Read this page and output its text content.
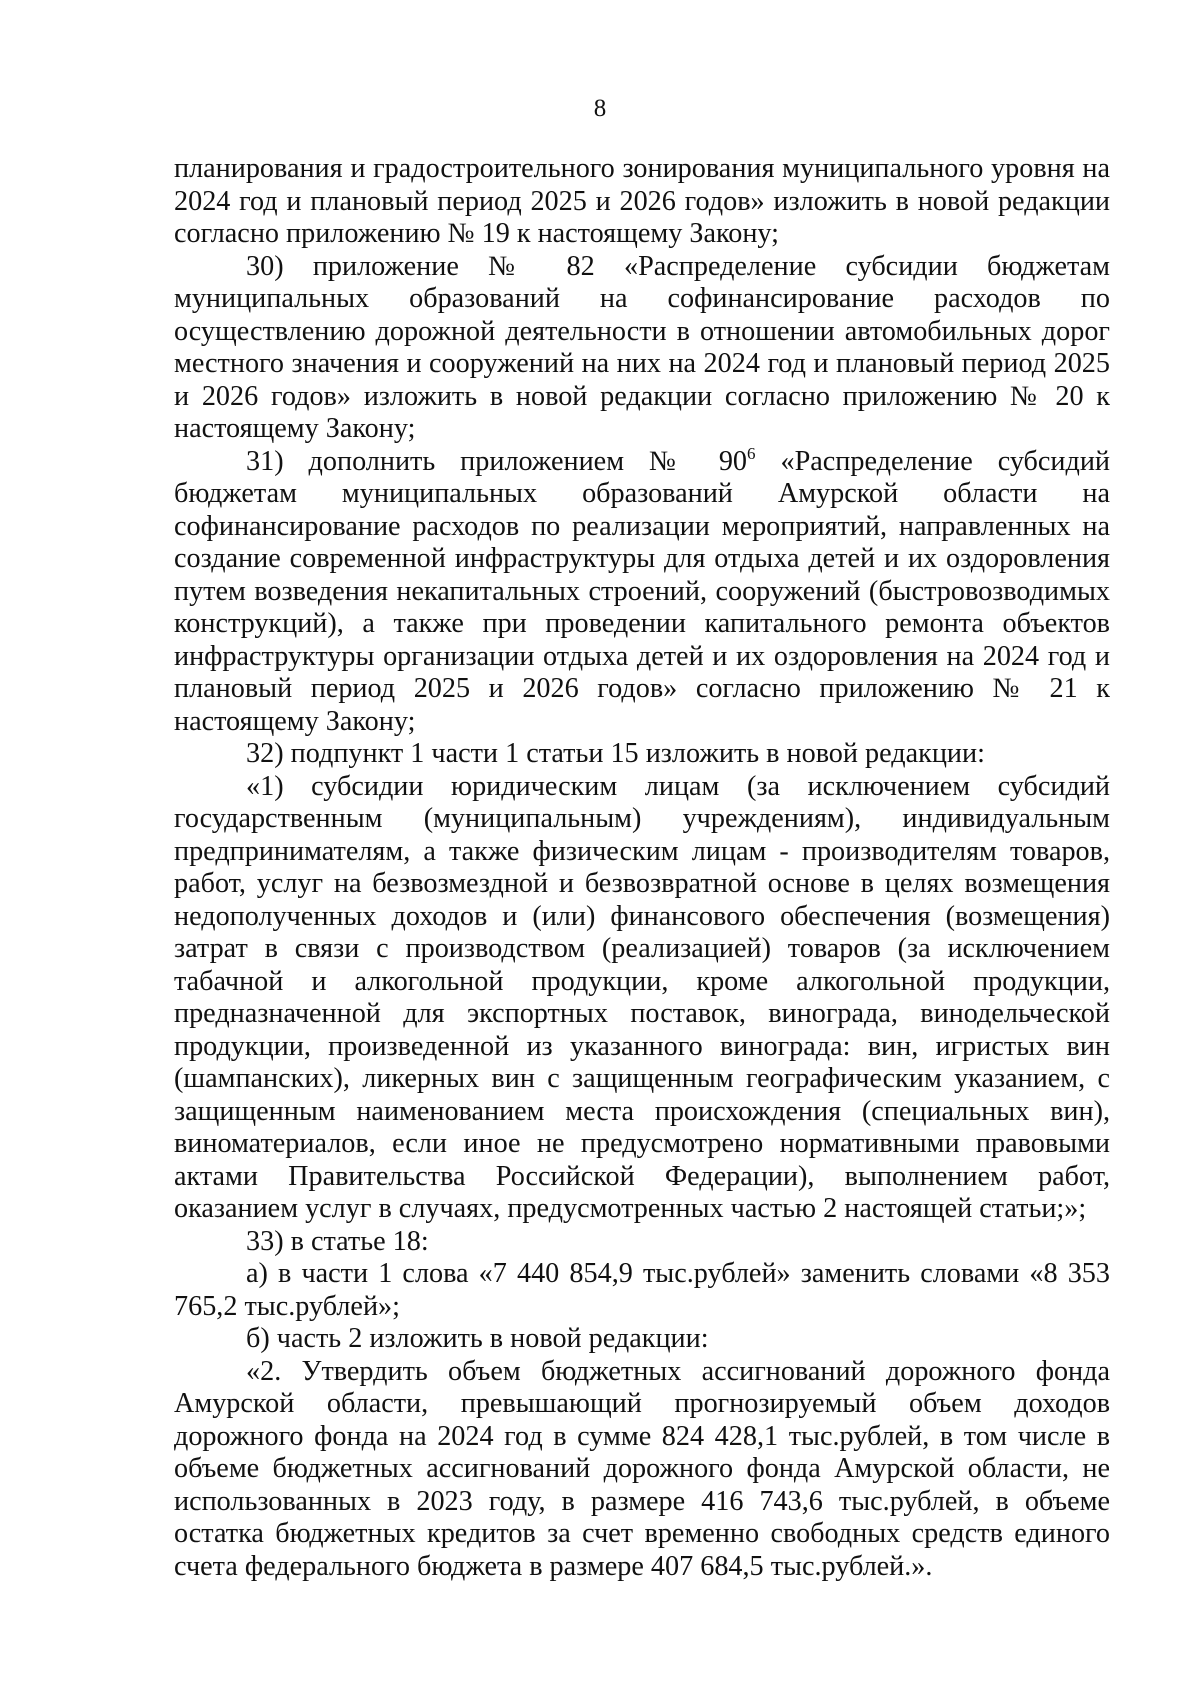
8

планирования и градостроительного зонирования муниципального уровня на 2024 год и плановый период 2025 и 2026 годов» изложить в новой редакции согласно приложению № 19 к настоящему Закону;

30) приложение № 82 «Распределение субсидии бюджетам муниципальных образований на софинансирование расходов по осуществлению дорожной деятельности в отношении автомобильных дорог местного значения и сооружений на них на 2024 год и плановый период 2025 и 2026 годов» изложить в новой редакции согласно приложению № 20 к настоящему Закону;

31) дополнить приложением № $90^6$ «Распределение субсидий бюджетам муниципальных образований Амурской области на софинансирование расходов по реализации мероприятий, направленных на создание современной инфраструктуры для отдыха детей и их оздоровления путем возведения некапитальных строений, сооружений (быстровозводимых конструкций), а также при проведении капитального ремонта объектов инфраструктуры организации отдыха детей и их оздоровления на 2024 год и плановый период 2025 и 2026 годов» согласно приложению № 21 к настоящему Закону;

32) подпункт 1 части 1 статьи 15 изложить в новой редакции:

«1) субсидии юридическим лицам (за исключением субсидий государственным (муниципальным) учреждениям), индивидуальным предпринимателям, а также физическим лицам - производителям товаров, работ, услуг на безвозмездной и безвозвратной основе в целях возмещения недополученных доходов и (или) финансового обеспечения (возмещения) затрат в связи с производством (реализацией) товаров (за исключением табачной и алкогольной продукции, кроме алкогольной продукции, предназначенной для экспортных поставок, винограда, винодельческой продукции, произведенной из указанного винограда: вин, игристых вин (шампанских), ликерных вин с защищенным географическим указанием, с защищенным наименованием места происхождения (специальных вин), виноматериалов, если иное не предусмотрено нормативными правовыми актами Правительства Российской Федерации), выполнением работ, оказанием услуг в случаях, предусмотренных частью 2 настоящей статьи;»;

33) в статье 18:

а) в части 1 слова «7 440 854,9 тыс.рублей» заменить словами «8 353 765,2 тыс.рублей»;

б) часть 2 изложить в новой редакции:

«2. Утвердить объем бюджетных ассигнований дорожного фонда Амурской области, превышающий прогнозируемый объем доходов дорожного фонда на 2024 год в сумме 824 428,1 тыс.рублей, в том числе в объеме бюджетных ассигнований дорожного фонда Амурской области, не использованных в 2023 году, в размере 416 743,6 тыс.рублей, в объеме остатка бюджетных кредитов за счет временно свободных средств единого счета федерального бюджета в размере 407 684,5 тыс.рублей.».
